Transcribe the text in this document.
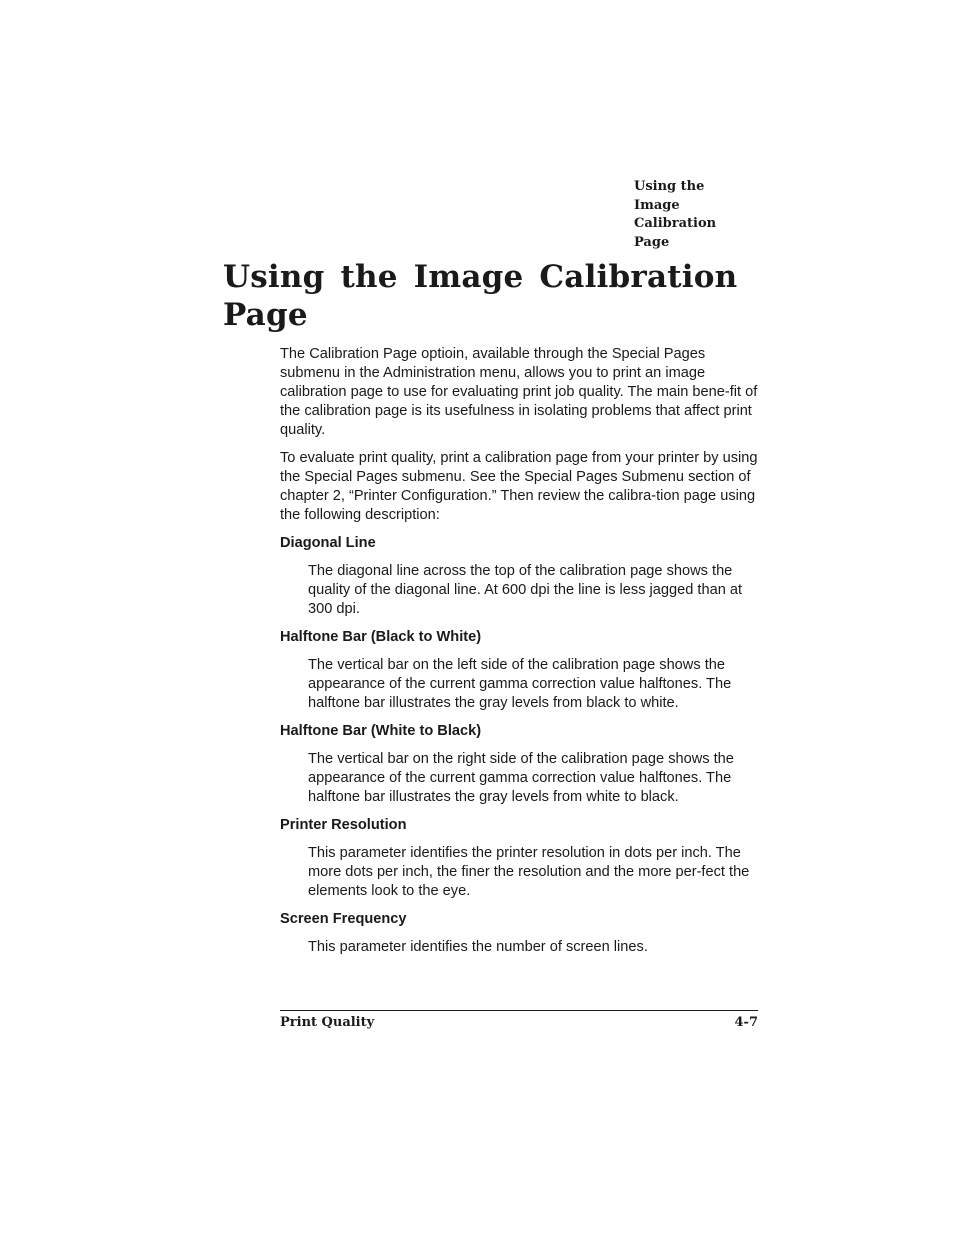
Using the
Image
Calibration
Page
Using the Image Calibration
Page

The Calibration Page optioin, available through the Special Pages submenu in the Administration menu, allows you to print an image calibration page to use for evaluating print job quality. The main bene-fit of the calibration page is its usefulness in isolating problems that affect print quality.

To evaluate print quality, print a calibration page from your printer by using the Special Pages submenu. See the Special Pages Submenu section of chapter 2, “Printer Configuration.” Then review the calibra-tion page using the following description:

Diagonal Line

The diagonal line across the top of the calibration page shows the quality of the diagonal line. At 600 dpi the line is less jagged than at 300 dpi.

Halftone Bar (Black to White)

The vertical bar on the left side of the calibration page shows the appearance of the current gamma correction value halftones. The halftone bar illustrates the gray levels from black to white.

Halftone Bar (White to Black)

The vertical bar on the right side of the calibration page shows the appearance of the current gamma correction value halftones. The halftone bar illustrates the gray levels from white to black.

Printer Resolution

This parameter identifies the printer resolution in dots per inch. The more dots per inch, the finer the resolution and the more per-fect the elements look to the eye.

Screen Frequency

This parameter identifies the number of screen lines.

Print Quality	4-7
